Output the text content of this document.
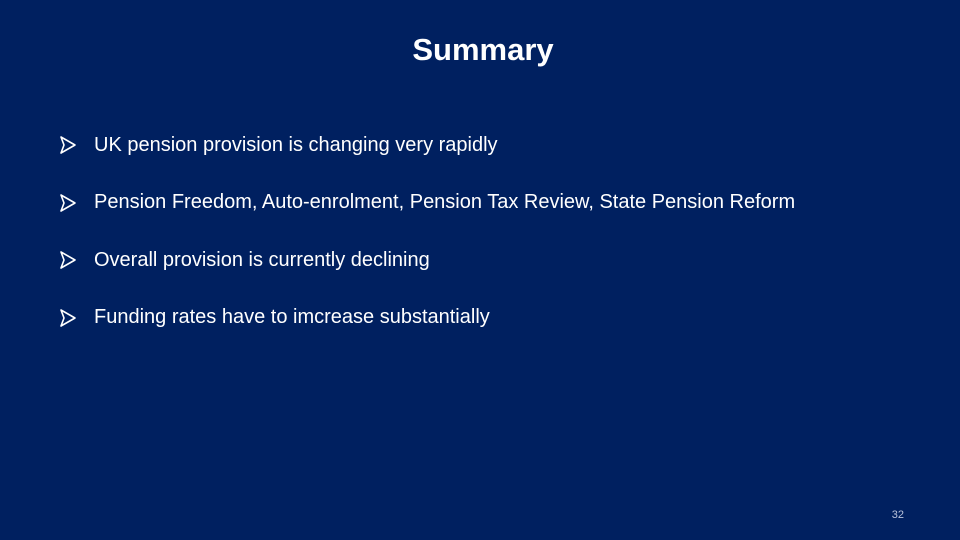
Summary
UK pension provision is changing very rapidly
Pension Freedom, Auto-enrolment, Pension Tax Review, State Pension Reform
Overall provision is currently declining
Funding rates have to imcrease substantially
32
